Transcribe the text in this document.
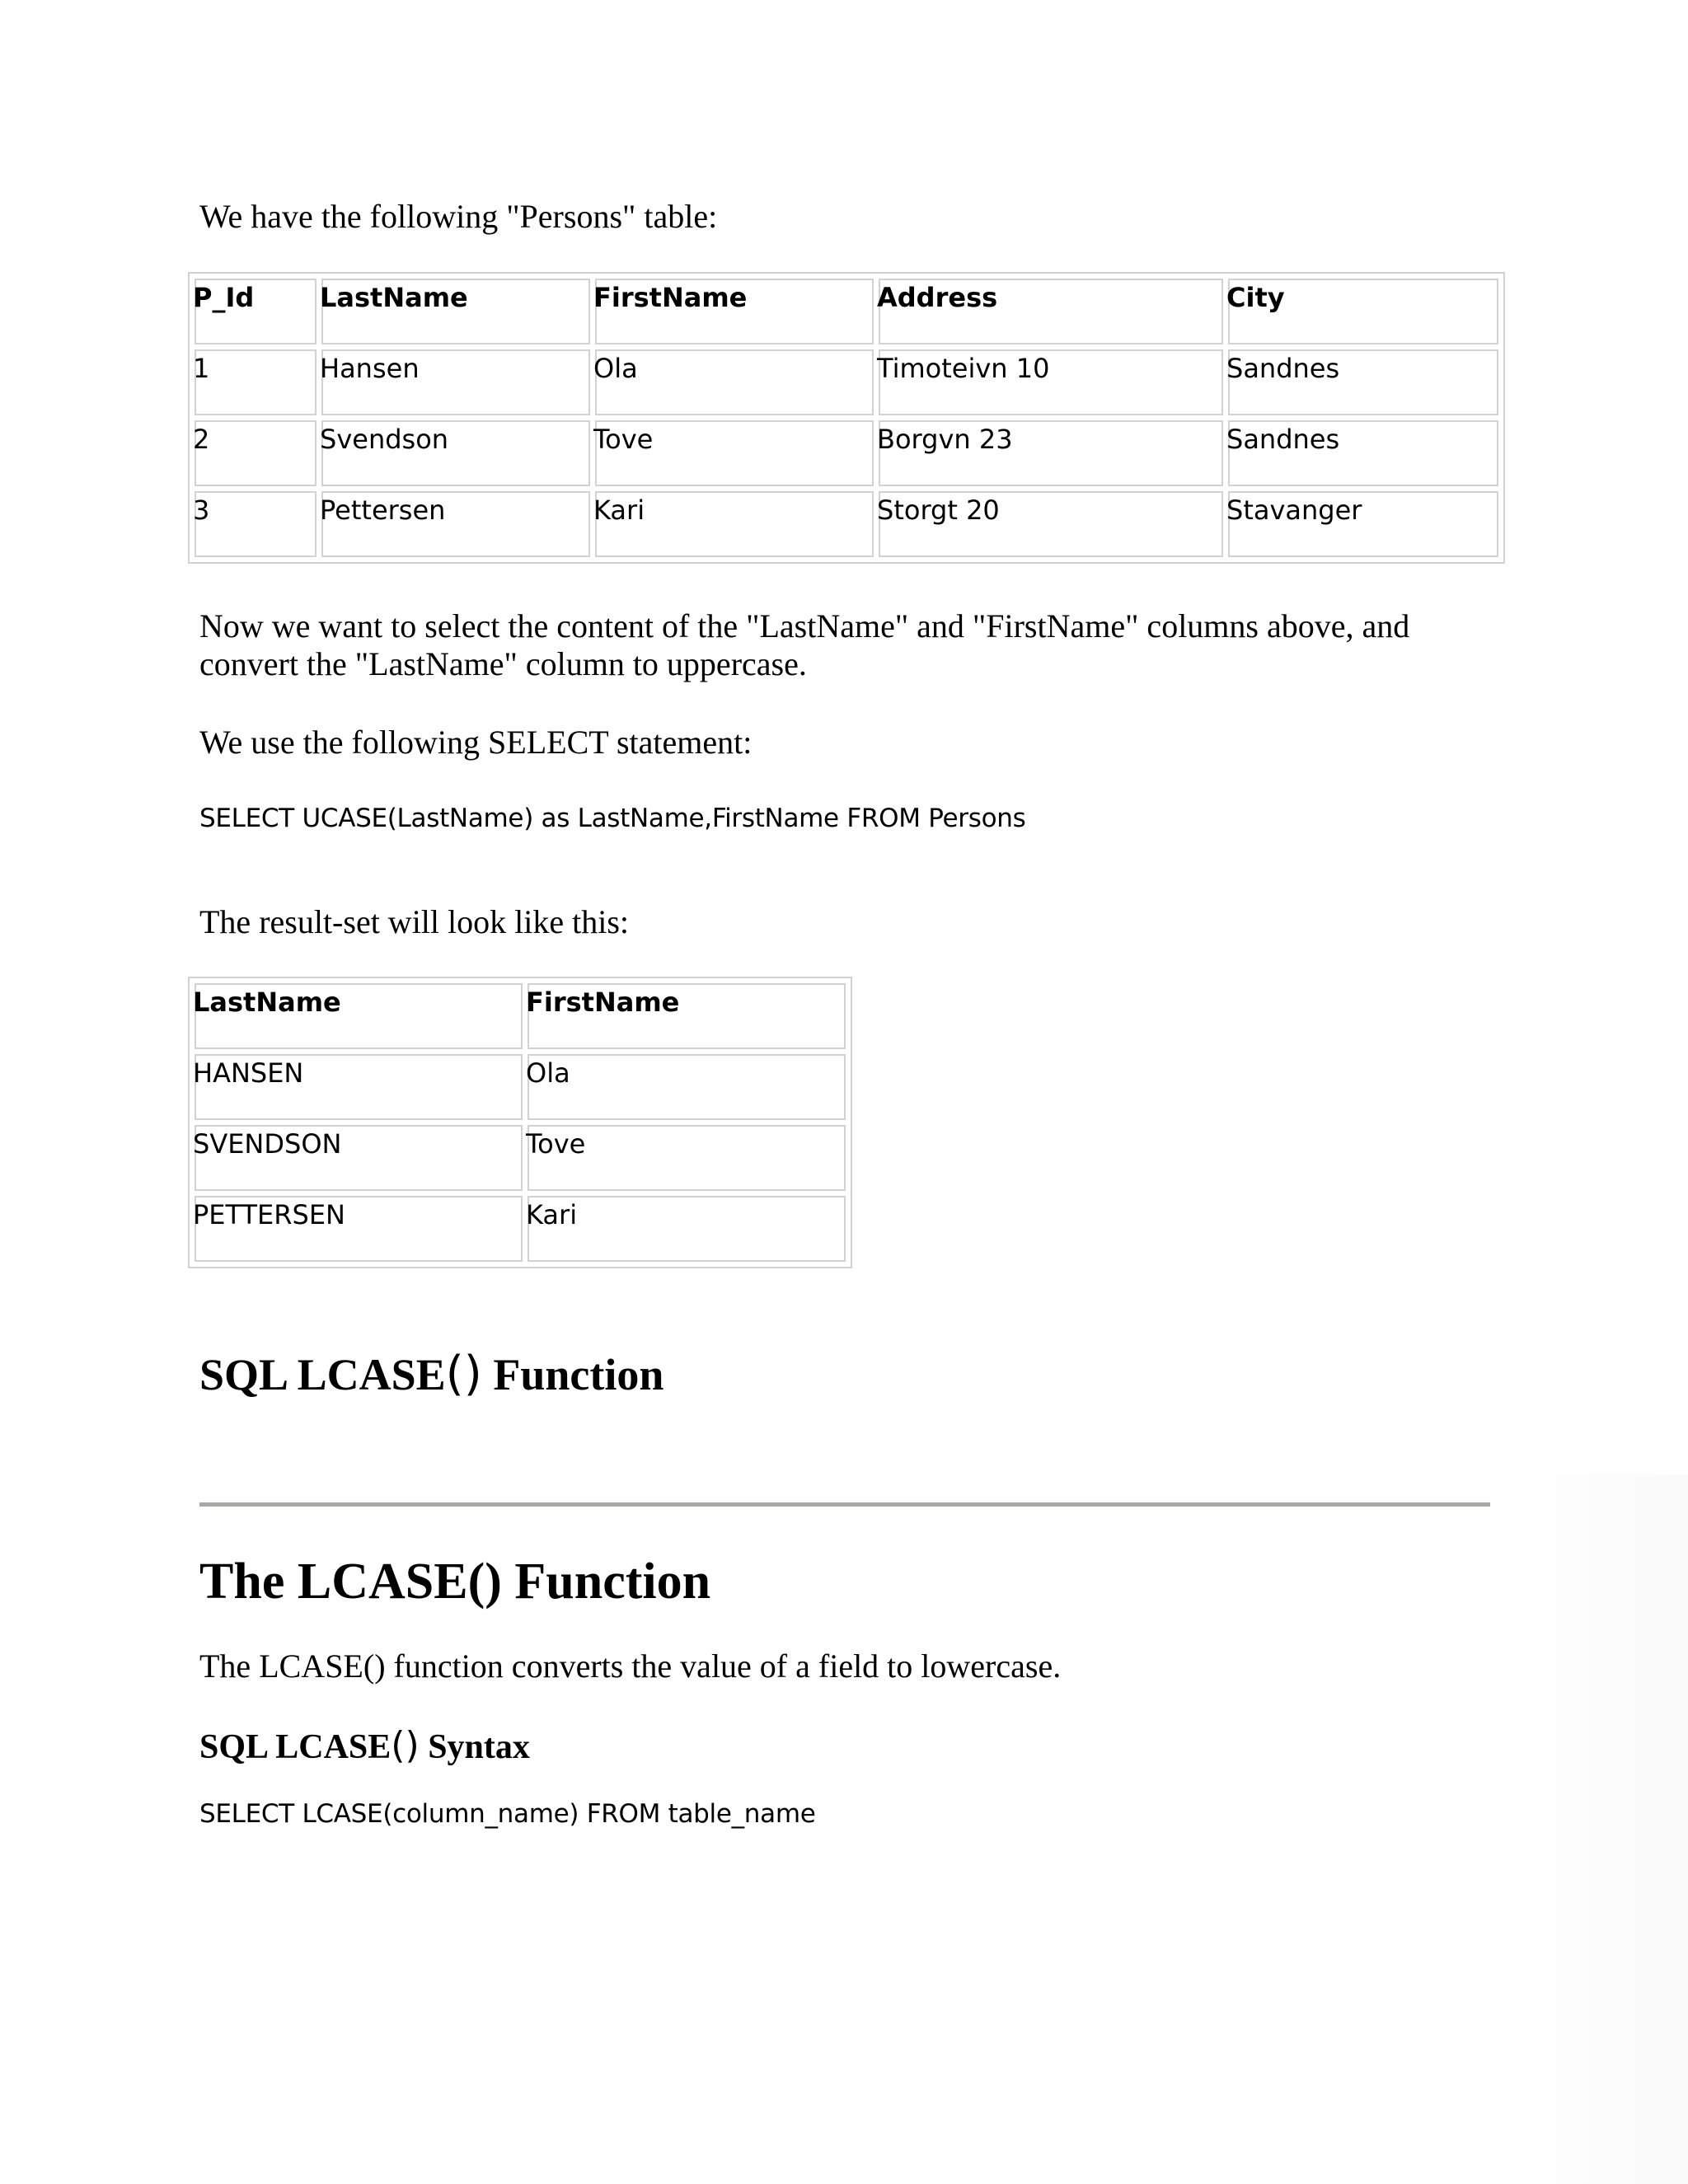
We have the following "Persons" table:

P_Id	LastName	FirstName	Address	City

1	Hansen	Ola	Timoteivn 10	Sandnes

2	Svendson	Tove	Borgvn 23	Sandnes

3	Pettersen	Kari	Storgt 20	Stavanger

Now we want to select the content of the "LastName" and "FirstName" columns above, and

convert the "LastName" column to uppercase.

We use the following SELECT statement:

SELECT UCASE(LastName) as LastName,FirstName FROM Persons

The result-set will look like this:

LastName	FirstName

HANSEN	Ola

SVENDSON	Tove

PETTERSEN	Kari
SQL LCASE() Function
The LCASE() Function

The LCASE() function converts the value of a field to lowercase.

SQL LCASE() Syntax

SELECT LCASE(column_name) FROM table_name
